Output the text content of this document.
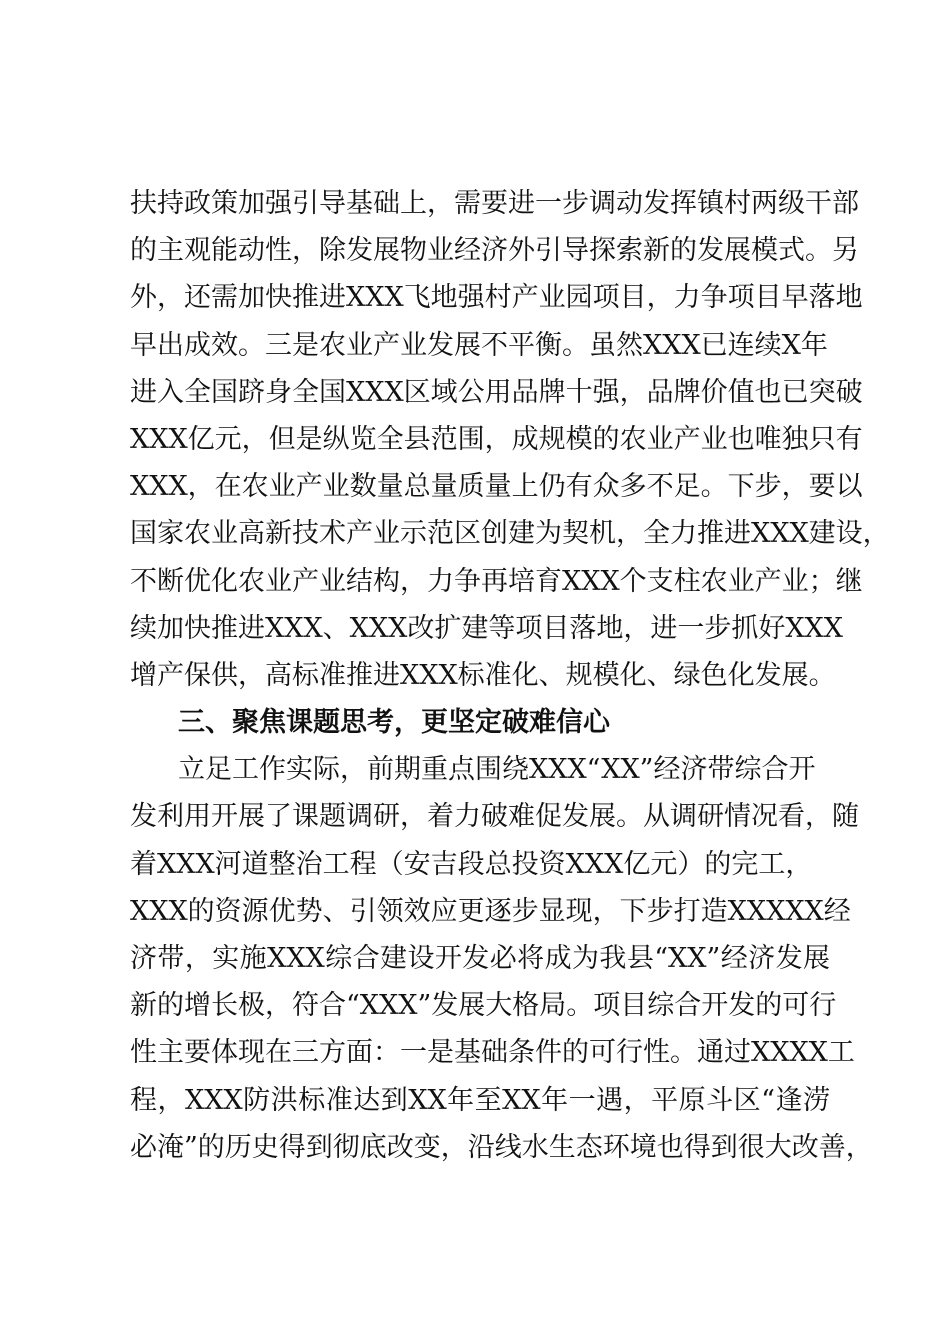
扶持政策加强引导基础上，需要进一步调动发挥镇村两级干部
的主观能动性，除发展物业经济外引导探索新的发展模式。另
外，还需加快推进XXX飞地强村产业园项目，力争项目早落地
早出成效。三是农业产业发展不平衡。虽然XXX已连续X年
进入全国跻身全国XXX区域公用品牌十强，品牌价值也已突破
XXX亿元，但是纵览全县范围，成规模的农业产业也唯独只有
XXX，在农业产业数量总量质量上仍有众多不足。下步，要以
国家农业高新技术产业示范区创建为契机，全力推进XXX建设，
不断优化农业产业结构，力争再培育XXX个支柱农业产业；继
续加快推进XXX、XXX改扩建等项目落地，进一步抓好XXX
增产保供，高标准推进XXX标准化、规模化、绿色化发展。
三、聚焦课题思考，更坚定破难信心
立足工作实际，前期重点围绕XXX“XX”经济带综合开
发利用开展了课题调研，着力破难促发展。从调研情况看，随
着XXX河道整治工程（安吉段总投资XXX亿元）的完工，
XXX的资源优势、引领效应更逐步显现，下步打造XXXXX经
济带，实施XXX综合建设开发必将成为我县“XX”经济发展
新的增长极，符合“XXX”发展大格局。项目综合开发的可行
性主要体现在三方面：一是基础条件的可行性。通过XXXX工
程，XXX防洪标准达到XX年至XX年一遇，平原斗区“逢涝
必淹”的历史得到彻底改变，沿线水生态环境也得到很大改善，
